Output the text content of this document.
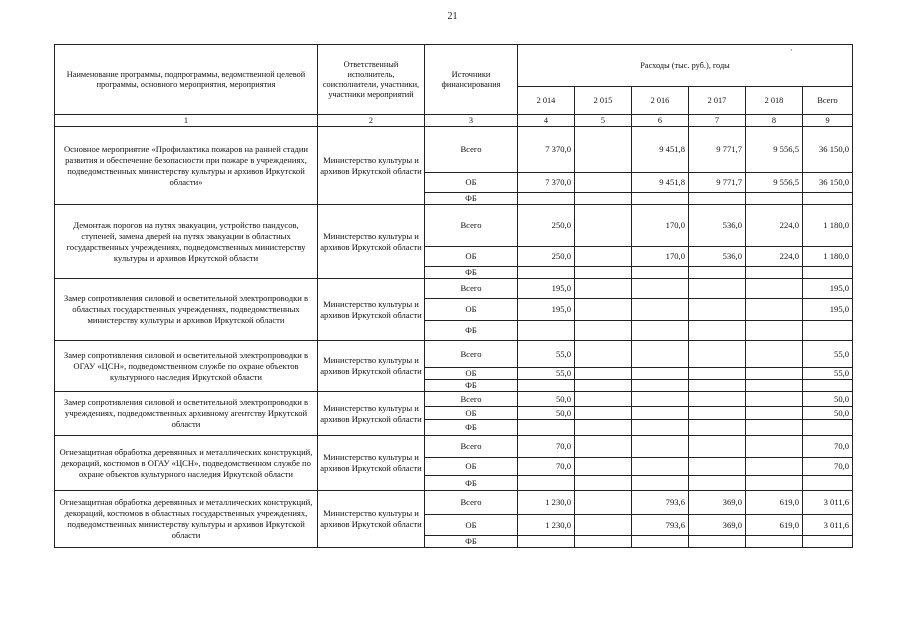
21
·
Наименование программы, подпрограммы, ведомственной целевой программы, основного мероприятия, мероприятия	Ответственный исполнитель, соисполнители, участники, участники мероприятий	Источники финансирования	Расходы (тыс. руб.), годы					
			2 014	2 015	2 016	2 017	2 018	Всего
1	2	3	4	5	6	7	8	9
Основное мероприятие «Профилактика пожаров на ранней стадии развития и обеспечение безопасности при пожаре в учреждениях, подведомственных министерству культуры и архивов Иркутской области»	Министерство культуры и архивов Иркутской области	Всего	7 370,0		9 451,8	9 771,7	9 556,5	36 150,0
		ОБ	7 370,0		9 451,8	9 771,7	9 556,5	36 150,0
		ФБ						
Демонтаж порогов на путях эвакуации, устройство пандусов, ступеней, замена дверей на путях эвакуации в областных государственных учреждениях, подведомственных министерству культуры и архивов Иркутской области	Министерство культуры и архивов Иркутской области	Всего	250,0		170,0	536,0	224,0	1 180,0
		ОБ	250,0		170,0	536,0	224,0	1 180,0
		ФБ						
Замер сопротивления силовой и осветительной электропроводки в областных государственных учреждениях, подведомственных министерству культуры и архивов Иркутской области	Министерство культуры и архивов Иркутской области	Всего	195,0					195,0
		ОБ	195,0					195,0
		ФБ						
Замер сопротивления силовой и осветительной электропроводки в ОГАУ «ЦСН», подведомственном службе по охране объектов культурного наследия Иркутской области	Министерство культуры и архивов Иркутской области	Всего	55,0					55,0
		ОБ	55,0					55,0
		ФБ						
Замер сопротивления силовой и осветительной электропроводки в учреждениях, подведомственных архивному агентству Иркутской области	Министерство культуры и архивов Иркутской области	Всего	50,0					50,0
		ОБ	50,0					50,0
		ФБ						
Огнезащитная обработка деревянных и металлических конструкций, декораций, костюмов в ОГАУ «ЦСН», подведомственном службе по охране объектов культурного наследия Иркутской области	Министерство культуры и архивов Иркутской области	Всего	70,0					70,0
		ОБ	70,0					70,0
		ФБ						
Огнезащитная обработка деревянных и металлических конструкций, декораций, костюмов в областных государственных учреждениях, подведомственных министерству культуры и архивов Иркутской области	Министерство культуры и архивов Иркутской области	Всего	1 230,0		793,6	369,0	619,0	3 011,6
		ОБ	1 230,0		793,6	369,0	619,0	3 011,6
		ФБ						
